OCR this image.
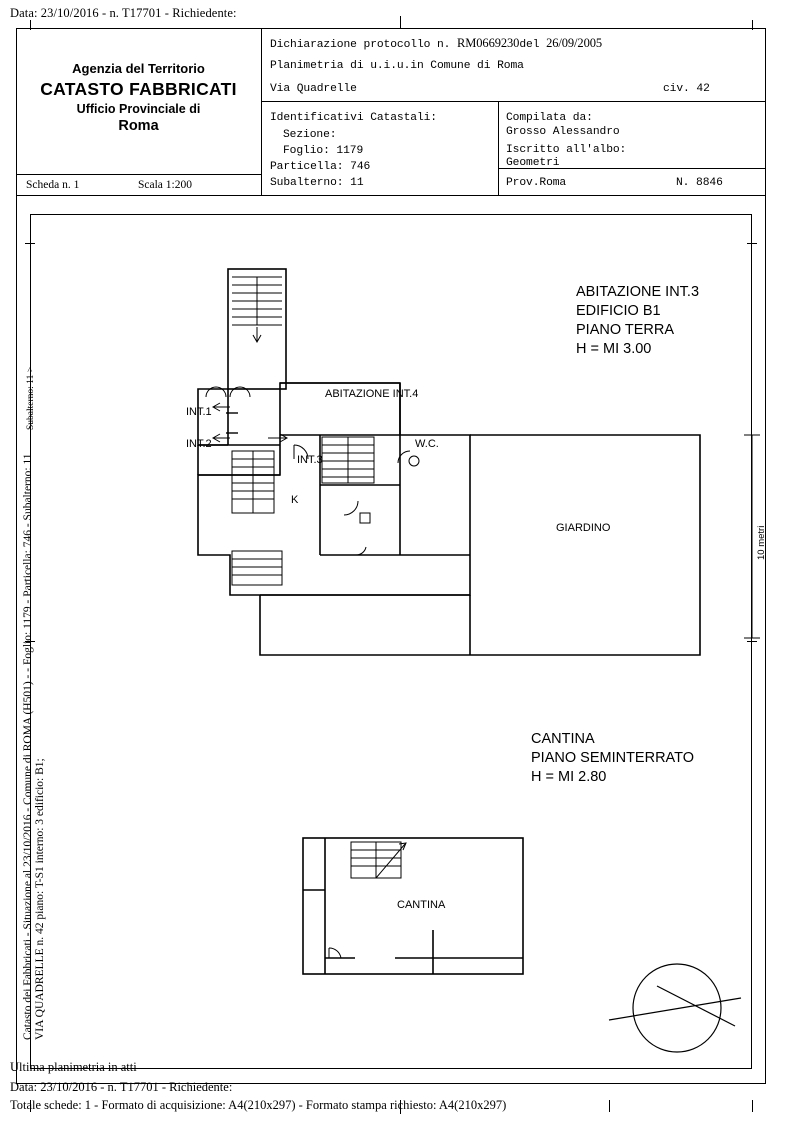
Data: 23/10/2016 - n. T17701 - Richiedente:
Agenzia del Territorio
CATASTO FABBRICATI
Ufficio Provinciale di
Roma
Scheda n. 1	Scala 1:200
Dichiarazione protocollo n. RM0669230del 26/09/2005
Planimetria di u.i.u.in Comune di Roma
Via Quadrelle	civ. 42
Identificativi Catastali:
Sezione:
Foglio: 1179
Particella: 746
Subalterno: 11
Compilata da:
Grosso Alessandro
Iscritto all'albo:
Geometri
Prov.Roma	N. 8846
Catasto dei Fabbricati - Situazione al 23/10/2016 - Comune di ROMA (H501) - - Foglio: 1179 - Particella: 746 - Subalterno: 11 VIA QUADRELLE n. 42 piano: T-S1 interno: 3 edificio: B1;
Subalterno: 11 >	ABITAZIONE INT.4
INT.1
INT.2
INT.3
W.C.
K
GIARDINO
ABITAZIONE INT.3
EDIFICIO B1
PIANO TERRA
H = MI 3.00
10 metri
CANTINA
PIANO SEMINTERRATO
H = MI 2.80
CANTINA
Ultima planimetria in atti
Data: 23/10/2016 - n. T17701 - Richiedente:
Totale schede: 1 - Formato di acquisizione: A4(210x297) - Formato stampa richiesto: A4(210x297)
